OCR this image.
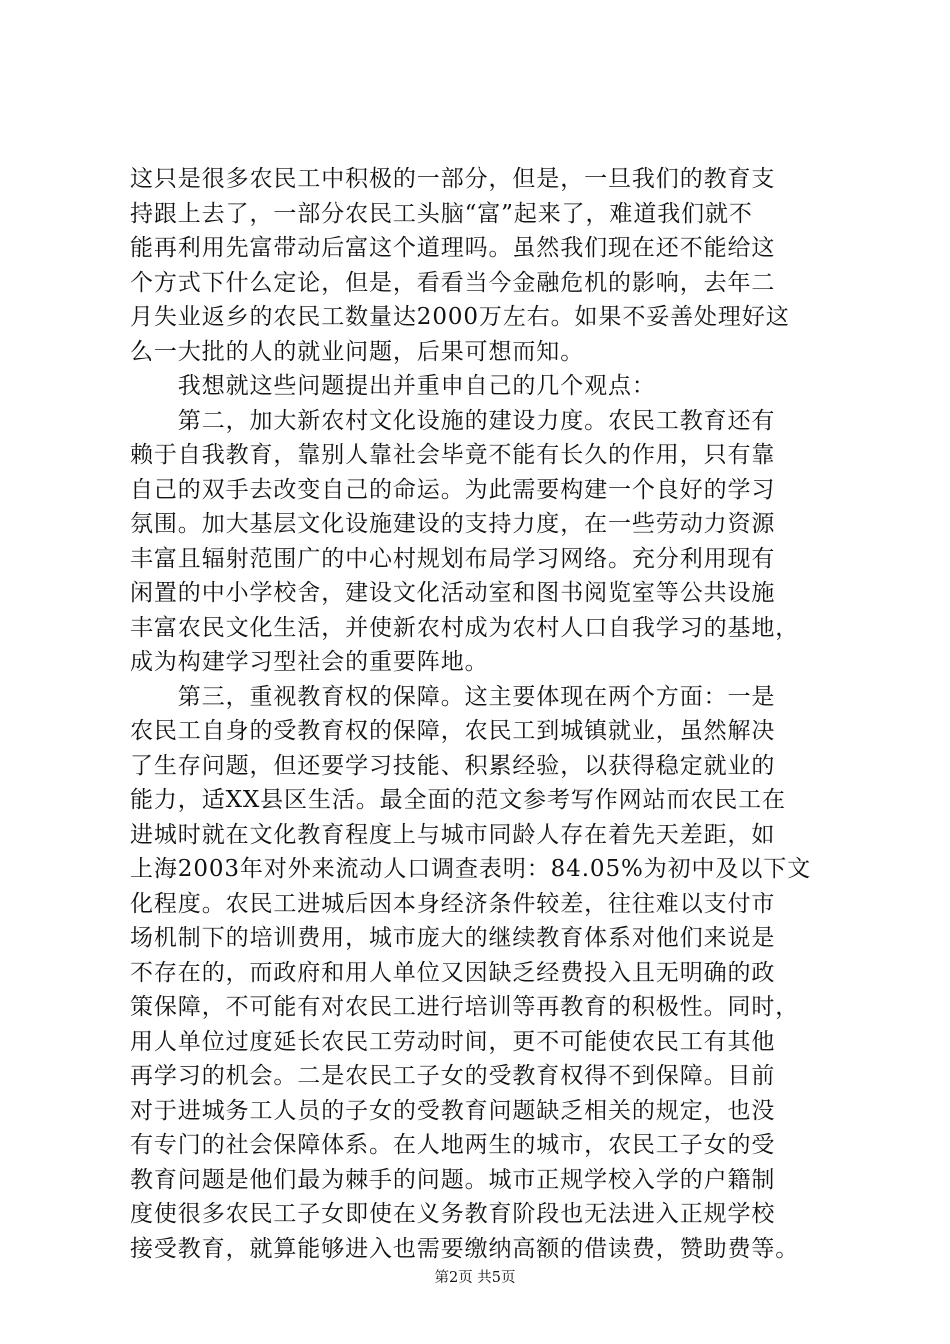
这只是很多农民工中积极的一部分，但是，一旦我们的教育支
持跟上去了，一部分农民工头脑“富”起来了，难道我们就不
能再利用先富带动后富这个道理吗。虽然我们现在还不能给这
个方式下什么定论，但是，看看当今金融危机的影响，去年二
月失业返乡的农民工数量达2000万左右。如果不妥善处理好这
么一大批的人的就业问题，后果可想而知。
　　我想就这些问题提出并重申自己的几个观点：
　　第二，加大新农村文化设施的建设力度。农民工教育还有
赖于自我教育，靠别人靠社会毕竟不能有长久的作用，只有靠
自己的双手去改变自己的命运。为此需要构建一个良好的学习
氛围。加大基层文化设施建设的支持力度，在一些劳动力资源
丰富且辐射范围广的中心村规划布局学习网络。充分利用现有
闲置的中小学校舍，建设文化活动室和图书阅览室等公共设施
丰富农民文化生活，并使新农村成为农村人口自我学习的基地，
成为构建学习型社会的重要阵地。
　　第三，重视教育权的保障。这主要体现在两个方面：一是
农民工自身的受教育权的保障，农民工到城镇就业，虽然解决
了生存问题，但还要学习技能、积累经验，以获得稳定就业的
能力，适XX县区生活。最全面的范文参考写作网站而农民工在
进城时就在文化教育程度上与城市同龄人存在着先天差距，如
上海2003年对外来流动人口调查表明：84.05%为初中及以下文
化程度。农民工进城后因本身经济条件较差，往往难以支付市
场机制下的培训费用，城市庞大的继续教育体系对他们来说是
不存在的，而政府和用人单位又因缺乏经费投入且无明确的政
策保障，不可能有对农民工进行培训等再教育的积极性。同时，
用人单位过度延长农民工劳动时间，更不可能使农民工有其他
再学习的机会。二是农民工子女的受教育权得不到保障。目前
对于进城务工人员的子女的受教育问题缺乏相关的规定，也没
有专门的社会保障体系。在人地两生的城市，农民工子女的受
教育问题是他们最为棘手的问题。城市正规学校入学的户籍制
度使很多农民工子女即使在义务教育阶段也无法进入正规学校
接受教育，就算能够进入也需要缴纳高额的借读费，赞助费等。
第2页 共5页
